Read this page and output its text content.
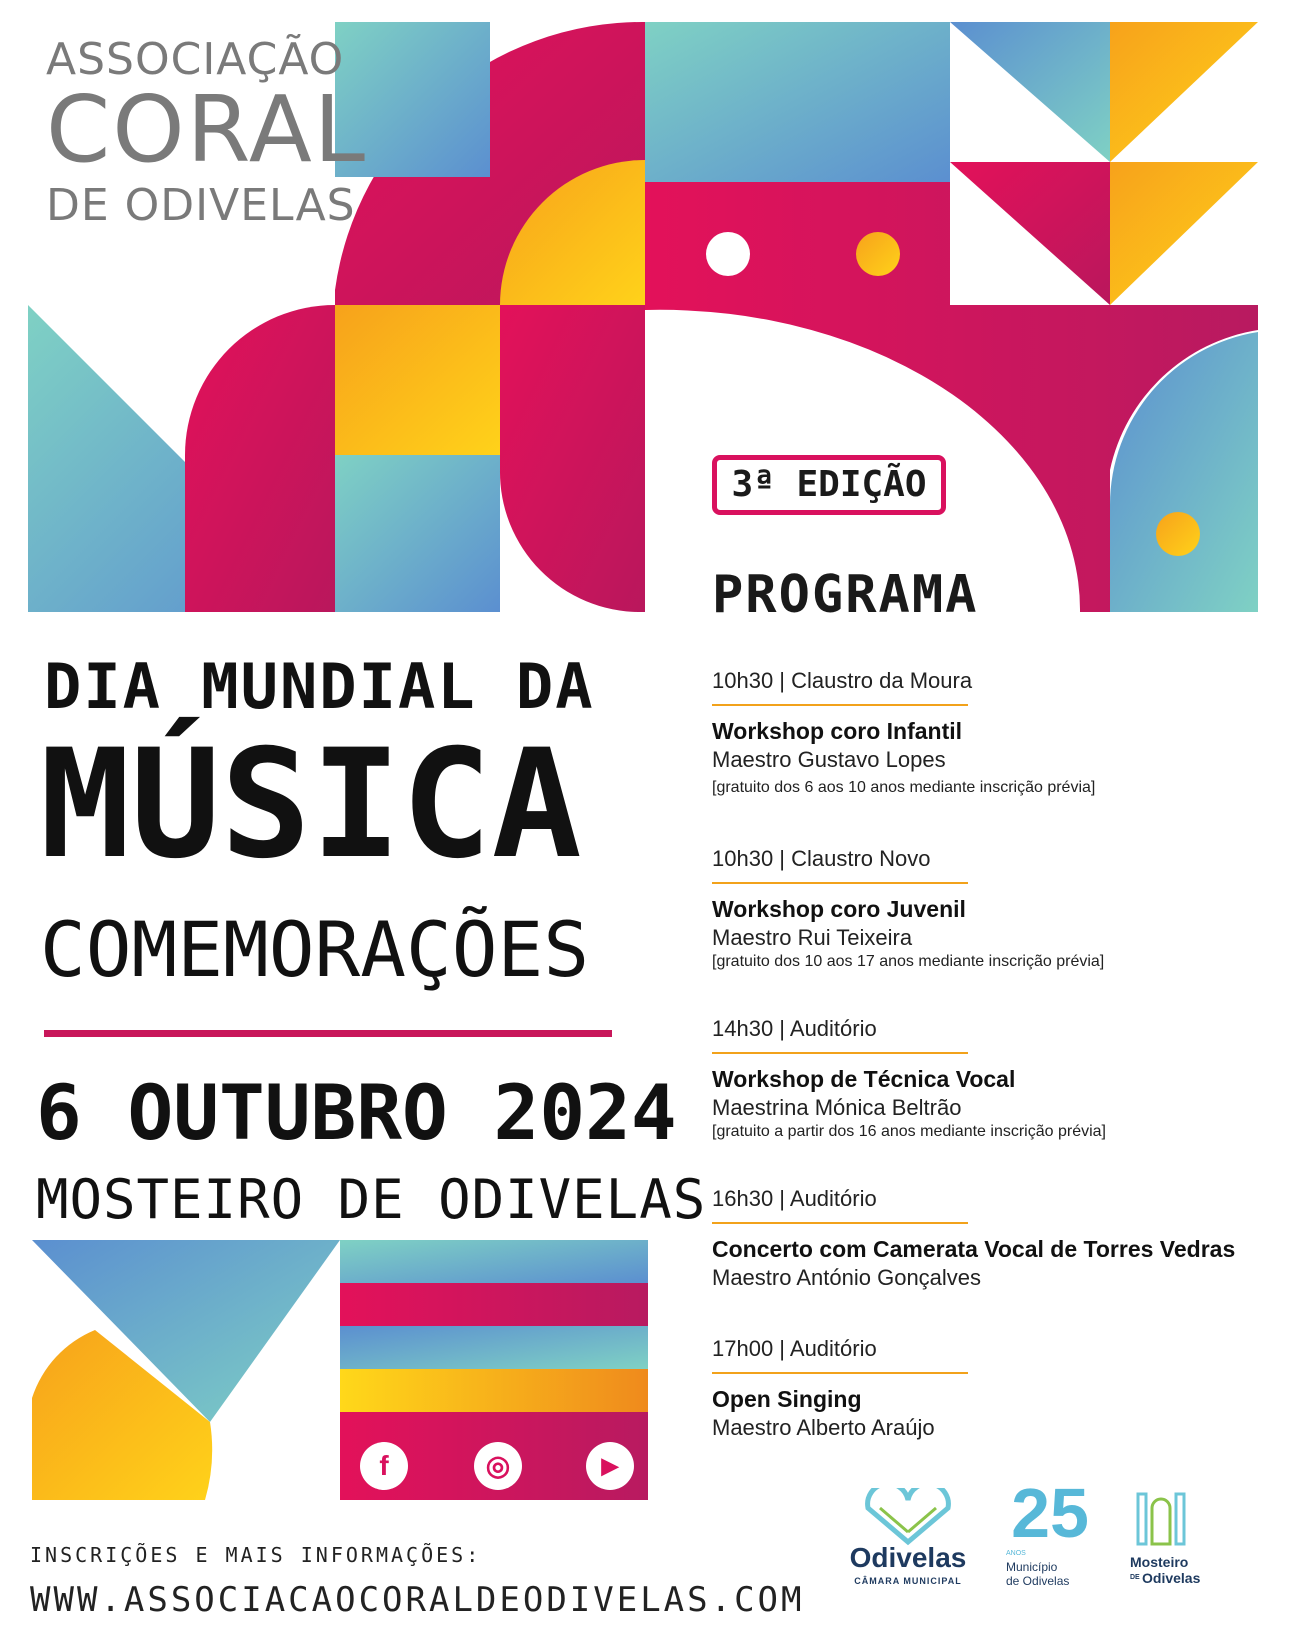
ASSOCIAÇÃO
CORAL
DE ODIVELAS
3ª EDIÇÃO
PROGRAMA
DIA MUNDIAL DA
MÚSICA
COMEMORAÇÕES
6 OUTUBRO 2024
MOSTEIRO DE ODIVELAS
10h30 | Claustro da Moura
Workshop coro Infantil
Maestro Gustavo Lopes
[gratuito dos 6 aos 10 anos mediante inscrição prévia]
10h30 | Claustro Novo
Workshop coro Juvenil
Maestro Rui Teixeira
[gratuito dos 10 aos 17 anos mediante inscrição prévia]
14h30 | Auditório
Workshop de Técnica Vocal
Maestrina Mónica Beltrão
[gratuito a partir dos 16 anos mediante inscrição prévia]
16h30 | Auditório
Concerto com Camerata Vocal de Torres Vedras
Maestro António Gonçalves
17h00 | Auditório
Open Singing
Maestro Alberto Araújo
f	◎	▶
INSCRIÇÕES E MAIS INFORMAÇÕES:
WWW.ASSOCIACAOCORALDEODIVELAS.COM
Odivelas
CÂMARA MUNICIPAL
25
ANOS
Município
de Odivelas
Mosteiro
DE Odivelas
